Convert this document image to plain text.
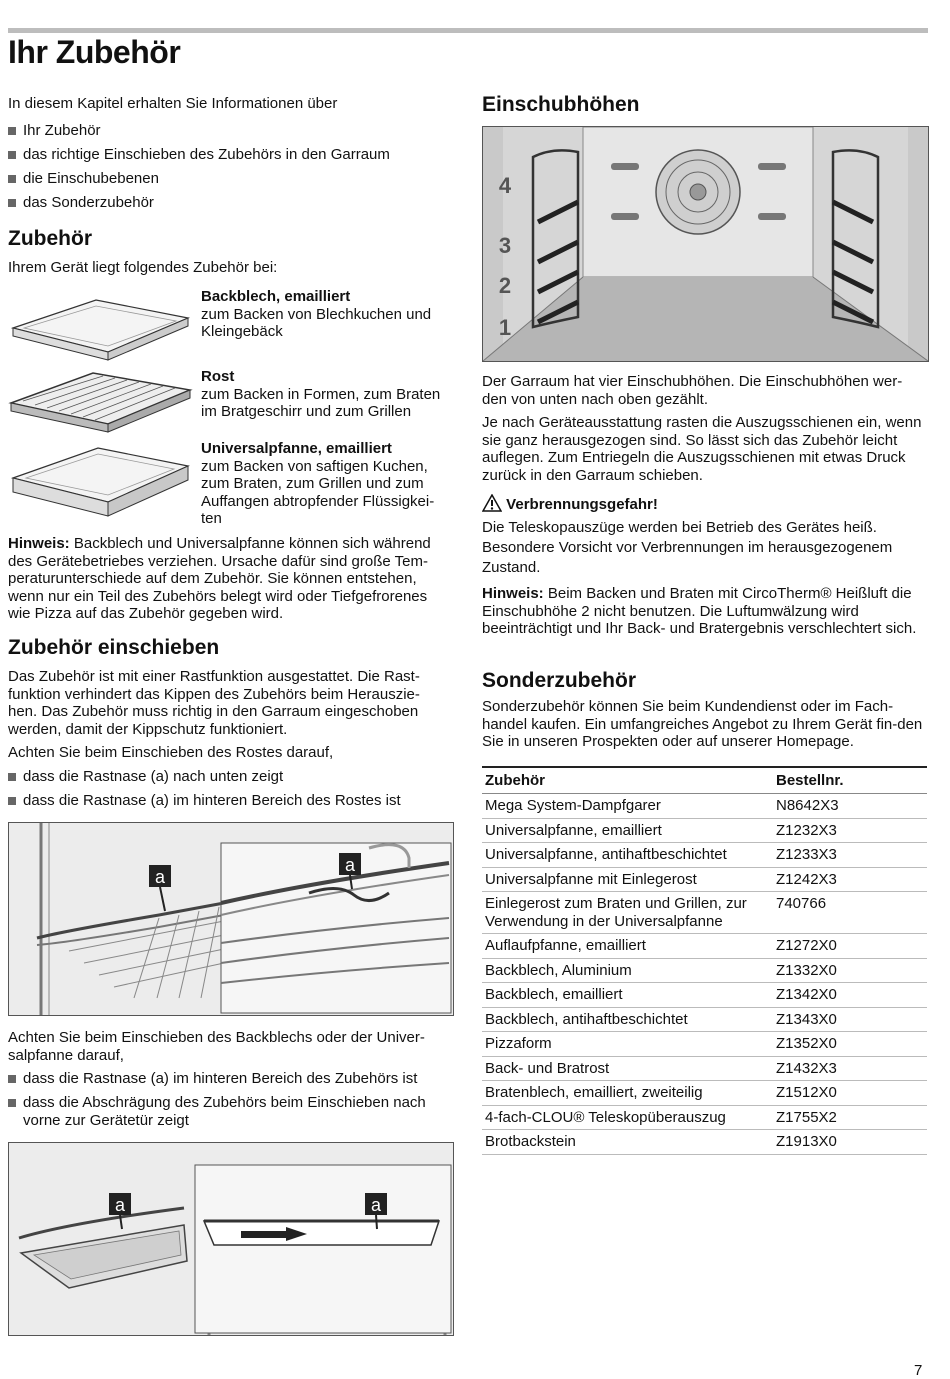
Ihr Zubehör
In diesem Kapitel erhalten Sie Informationen über
Ihr Zubehör
das richtige Einschieben des Zubehörs in den Garraum
die Einschubebenen
das Sonderzubehör
Zubehör
Ihrem Gerät liegt folgendes Zubehör bei:
Backblech, emailliert
zum Backen von Blechkuchen und Kleingebäck
Rost
zum Backen in Formen, zum Braten im Bratgeschirr und zum Grillen
Universalpfanne, emailliert
zum Backen von saftigen Kuchen, zum Braten, zum Grillen und zum Auffangen abtropfender Flüssigkei-ten
Hinweis: Backblech und Universalpfanne können sich während des Gerätebetriebes verziehen. Ursache dafür sind große Tem-peraturunterschiede auf dem Zubehör. Sie können entstehen, wenn nur ein Teil des Zubehörs belegt wird oder Tiefgefrorenes wie Pizza auf das Zubehör gegeben wird.
Zubehör einschieben
Das Zubehör ist mit einer Rastfunktion ausgestattet. Die Rast-funktion verhindert das Kippen des Zubehörs beim Herauszie-hen. Das Zubehör muss richtig in den Garraum eingeschoben werden, damit der Kippschutz funktioniert.
Achten Sie beim Einschieben des Rostes darauf,
dass die Rastnase (a) nach unten zeigt
dass die Rastnase (a) im hinteren Bereich des Rostes ist
a
a
Achten Sie beim Einschieben des Backblechs oder der Univer-salpfanne darauf,
dass die Rastnase (a) im hinteren Bereich des Zubehörs ist
dass die Abschrägung des Zubehörs beim Einschieben nach vorne zur Gerätetür zeigt
a	a
Einschubhöhen
4
3
2
1
Der Garraum hat vier Einschubhöhen. Die Einschubhöhen wer-den von unten nach oben gezählt.
Je nach Geräteausstattung rasten die Auszugsschienen ein, wenn sie ganz herausgezogen sind. So lässt sich das Zubehör leicht auflegen. Zum Entriegeln die Auszugsschienen mit etwas Druck zurück in den Garraum schieben.
Verbrennungsgefahr!
Die Teleskopauszüge werden bei Betrieb des Gerätes heiß. Besondere Vorsicht vor Verbrennungen im herausgezogenem Zustand.
Hinweis: Beim Backen und Braten mit CircoTherm® Heißluft die Einschubhöhe 2 nicht benutzen. Die Luftumwälzung wird beeinträchtigt und Ihr Back- und Bratergebnis verschlechtert sich.
Sonderzubehör
Sonderzubehör können Sie beim Kundendienst oder im Fach-handel kaufen. Ein umfangreiches Angebot zu Ihrem Gerät fin-den Sie in unseren Prospekten oder auf unserer Homepage.
Zubehör	Bestellnr.
Mega System-Dampfgarer	N8642X3
Universalpfanne, emailliert	Z1232X3
Universalpfanne, antihaftbeschichtet	Z1233X3
Universalpfanne mit Einlegerost	Z1242X3
Einlegerost zum Braten und Grillen, zur Verwendung in der Universalpfanne	740766
Auflaufpfanne, emailliert	Z1272X0
Backblech, Aluminium	Z1332X0
Backblech, emailliert	Z1342X0
Backblech, antihaftbeschichtet	Z1343X0
Pizzaform	Z1352X0
Back- und Bratrost	Z1432X3
Bratenblech, emailliert, zweiteilig	Z1512X0
4-fach-CLOU® Teleskopüberauszug	Z1755X2
Brotbackstein	Z1913X0
7
